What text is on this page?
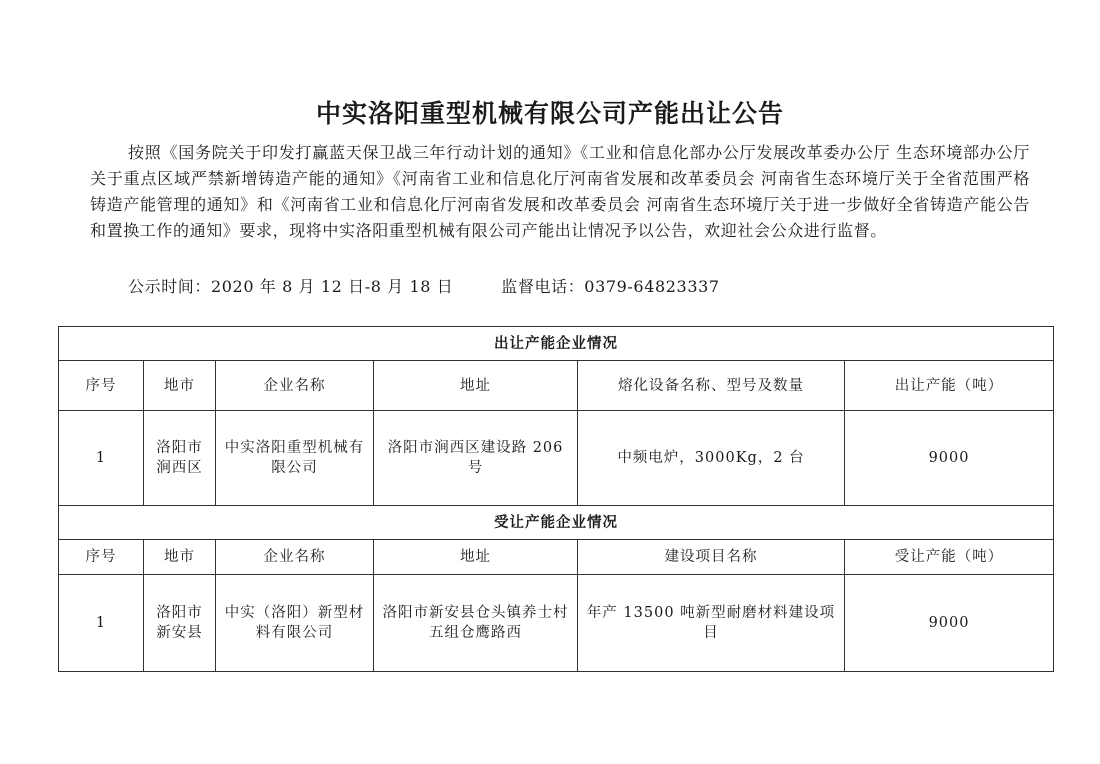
中实洛阳重型机械有限公司产能出让公告

按照《国务院关于印发打赢蓝天保卫战三年行动计划的通知》《工业和信息化部办公厅发展改革委办公厅 生态环境部办公厅关于重点区域严禁新增铸造产能的通知》《河南省工业和信息化厅河南省发展和改革委员会 河南省生态环境厅关于全省范围严格铸造产能管理的通知》和《河南省工业和信息化厅河南省发展和改革委员会 河南省生态环境厅关于进一步做好全省铸造产能公告和置换工作的通知》要求，现将中实洛阳重型机械有限公司产能出让情况予以公告，欢迎社会公众进行监督。

公示时间：2020 年 8 月 12 日-8 月 18 日	监督电话：0379-64823337
出让产能企业情况					
序号	地市	企业名称	地址	熔化设备名称、型号及数量	出让产能（吨）
1	洛阳市涧西区	中实洛阳重型机械有限公司	洛阳市涧西区建设路 206 号	中频电炉，3000Kg，2 台	9000
受让产能企业情况					
序号	地市	企业名称	地址	建设项目名称	受让产能（吨）
1	洛阳市新安县	中实（洛阳）新型材料有限公司	洛阳市新安县仓头镇养士村五组仓鹰路西	年产 13500 吨新型耐磨材料建设项目	9000
